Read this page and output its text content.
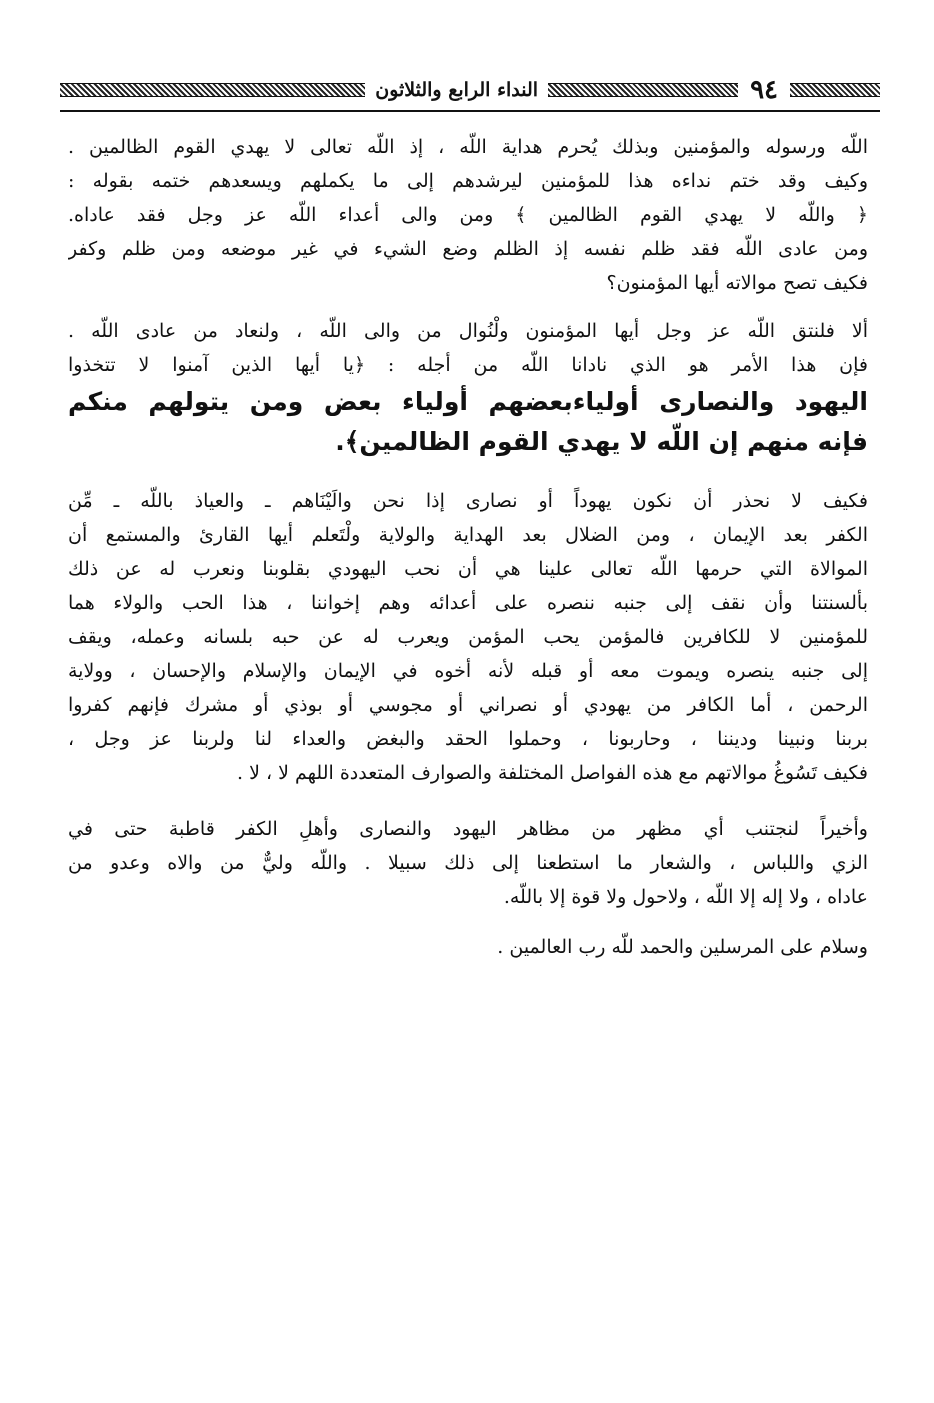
٩٤
النداء الرابع والثلاثون
اللّه ورسوله والمؤمنين وبذلك يُحرم هداية اللّه ، إذ اللّه تعالى لا يهدي القوم الظالمين .
وكيف وقد ختم نداءه هذا للمؤمنين ليرشدهم إلى ما يكملهم ويسعدهم ختمه بقوله :
﴿ واللّه لا يهدي القوم الظالمين ﴾ ومن والى أعداء اللّه عز وجل فقد عاداه.
ومن عادى اللّه فقد ظلم نفسه إذ الظلم وضع الشيء في غير موضعه ومن ظلم وكفر
فكيف تصح موالاته أيها المؤمنون؟
ألا فلنتق اللّه عز وجل أيها المؤمنون ولْنُوال من والى اللّه ، ولنعاد من عادى اللّه .
فإن هذا الأمر هو الذي نادانا اللّه من أجله : ﴿يا أيها الذين آمنوا لا تتخذوا
اليهود والنصارى أولياءبعضهم أولياء بعض ومن يتولهم منكم
فإنه منهم إن اللّه لا يهدي القوم الظالمين﴾.
فكيف لا نحذر أن نكون يهوداً أو نصارى إذا نحن والَيْنَاهم ـ والعياذ باللّه ـ مِّن
الكفر بعد الإيمان ، ومن الضلال بعد الهداية والولاية ولْتَعلم أيها القارئ والمستمع أن
الموالاة التي حرمها اللّه تعالى علينا هي أن نحب اليهودي بقلوبنا ونعرب له عن ذلك
بألسنتنا وأن نقف إلى جنبه ننصره على أعدائه وهم إخواننا ، هذا الحب والولاء هما
للمؤمنين لا للكافرين فالمؤمن يحب المؤمن ويعرب له عن حبه بلسانه وعمله، ويقف
إلى جنبه ينصره ويموت معه أو قبله لأنه أخوه في الإيمان والإسلام والإحسان ، وولاية
الرحمن ، أما الكافر من يهودي أو نصراني أو مجوسي أو بوذي أو مشرك فإنهم كفروا
بربنا ونبينا وديننا ، وحاربونا ، وحملوا الحقد والبغض والعداء لنا ولربنا عز وجل ،
فكيف تَسُوغُ موالاتهم مع هذه الفواصل المختلفة والصوارف المتعددة اللهم لا ، لا .
وأخيراً لنجتنب أي مظهر من مظاهر اليهود والنصارى وأهلِ الكفر قاطبة حتى في
الزي واللباس ، والشعار ما استطعنا إلى ذلك سبيلا . واللّه وليٌّ من والاه وعدو من
عاداه ، ولا إله إلا اللّه ، ولاحول ولا قوة إلا باللّه.
وسلام على المرسلين والحمد للّه رب العالمين .
